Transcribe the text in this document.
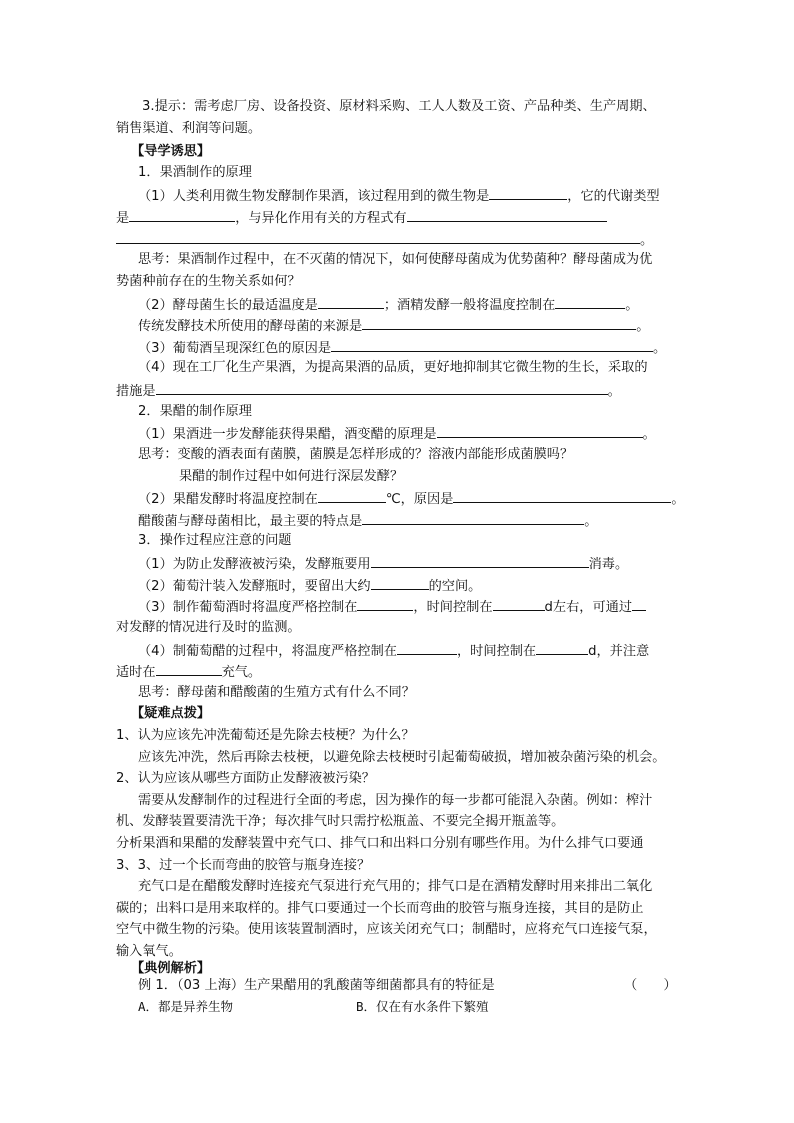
3.提示：需考虑厂房、设备投资、原材料采购、工人人数及工资、产品种类、生产周期、
销售渠道、利润等问题。
【导学诱思】
1．果酒制作的原理
（1）人类利用微生物发酵制作果酒，该过程用到的微生物是	，它的代谢类型
是	，与异化作用有关的方程式有
。
思考：果酒制作过程中，在不灭菌的情况下，如何使酵母菌成为优势菌种？酵母菌成为优
势菌种前存在的生物关系如何？
（2）酵母菌生长的最适温度是	；酒精发酵一般将温度控制在	。
传统发酵技术所使用的酵母菌的来源是	。
（3）葡萄酒呈现深红色的原因是	。
（4）现在工厂化生产果酒，为提高果酒的品质，更好地抑制其它微生物的生长，采取的
措施是	。
2．果醋的制作原理
（1）果酒进一步发酵能获得果醋，酒变醋的原理是	。
思考：变酸的酒表面有菌膜，菌膜是怎样形成的？溶液内部能形成菌膜吗？
果醋的制作过程中如何进行深层发酵？
（2）果醋发酵时将温度控制在	℃，原因是	。
醋酸菌与酵母菌相比，最主要的特点是	。
3．操作过程应注意的问题
（1）为防止发酵液被污染，发酵瓶要用	消毒。
（2）葡萄汁装入发酵瓶时，要留出大约	的空间。
（3）制作葡萄酒时将温度严格控制在	，时间控制在	d左右，可通过
对发酵的情况进行及时的监测。
（4）制葡萄醋的过程中，将温度严格控制在	，时间控制在	d，并注意
适时在	充气。
思考：酵母菌和醋酸菌的生殖方式有什么不同？
【疑难点拨】
1、认为应该先冲洗葡萄还是先除去枝梗？为什么？
应该先冲洗，然后再除去枝梗，以避免除去枝梗时引起葡萄破损，增加被杂菌污染的机会。
2、认为应该从哪些方面防止发酵液被污染？
需要从发酵制作的过程进行全面的考虑，因为操作的每一步都可能混入杂菌。例如：榨汁
机、发酵装置要清洗干净；每次排气时只需拧松瓶盖、不要完全揭开瓶盖等。
分析果酒和果醋的发酵装置中充气口、排气口和出料口分别有哪些作用。为什么排气口要通
3、3、过一个长而弯曲的胶管与瓶身连接？
充气口是在醋酸发酵时连接充气泵进行充气用的；排气口是在酒精发酵时用来排出二氧化
碳的；出料口是用来取样的。排气口要通过一个长而弯曲的胶管与瓶身连接，其目的是防止
空气中微生物的污染。使用该装置制酒时，应该关闭充气口；制醋时，应将充气口连接气泵，
输入氧气。
【典例解析】
例 1．（03 上海）生产果醋用的乳酸菌等细菌都具有的特征是	（　　）
A．都是异养生物	B．仅在有水条件下繁殖
